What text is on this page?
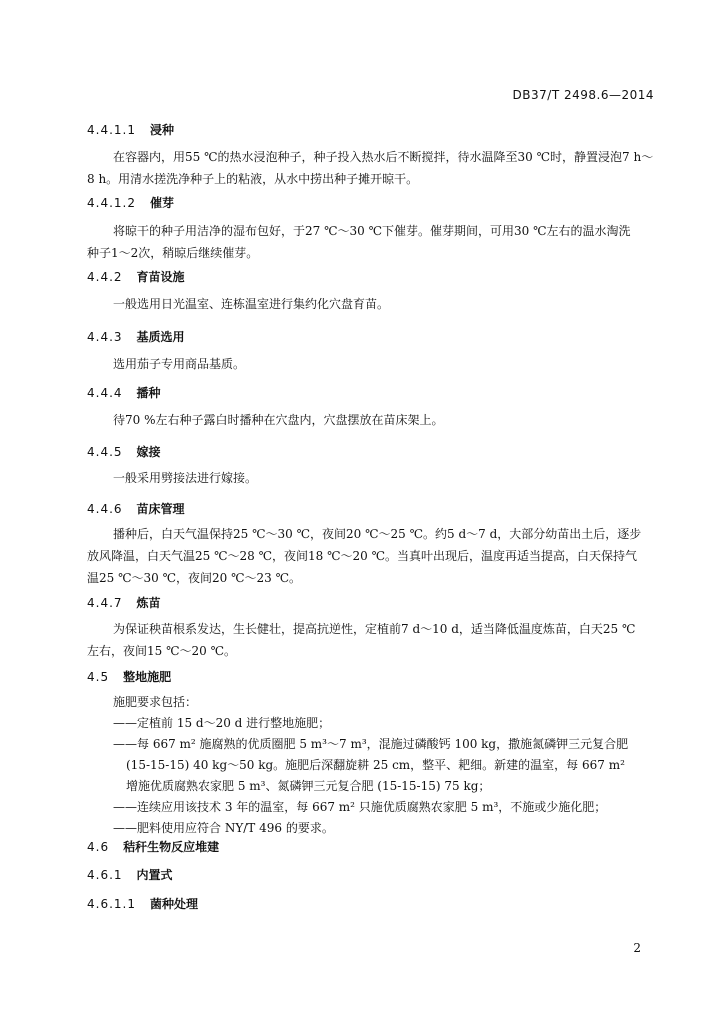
DB37/T 2498.6—2014
4.4.1.1 浸种
在容器内，用55 ℃的热水浸泡种子，种子投入热水后不断搅拌，待水温降至30 ℃时，静置浸泡7 h～
8 h。用清水搓洗净种子上的粘液，从水中捞出种子摊开晾干。
4.4.1.2 催芽
将晾干的种子用洁净的湿布包好，于27 ℃～30 ℃下催芽。催芽期间，可用30 ℃左右的温水淘洗
种子1～2次，稍晾后继续催芽。
4.4.2 育苗设施
一般选用日光温室、连栋温室进行集约化穴盘育苗。
4.4.3 基质选用
选用茄子专用商品基质。
4.4.4 播种
待70 %左右种子露白时播种在穴盘内，穴盘摆放在苗床架上。
4.4.5 嫁接
一般采用劈接法进行嫁接。
4.4.6 苗床管理
播种后，白天气温保持25 ℃～30 ℃，夜间20 ℃～25 ℃。约5 d～7 d，大部分幼苗出土后，逐步
放风降温，白天气温25 ℃～28 ℃，夜间18 ℃～20 ℃。当真叶出现后，温度再适当提高，白天保持气
温25 ℃～30 ℃，夜间20 ℃～23 ℃。
4.4.7 炼苗
为保证秧苗根系发达，生长健壮，提高抗逆性，定植前7 d～10 d，适当降低温度炼苗，白天25 ℃
左右，夜间15 ℃～20 ℃。
4.5 整地施肥
施肥要求包括：
——定植前 15 d～20 d 进行整地施肥；
——每 667 m² 施腐熟的优质圈肥 5 m³～7 m³，混施过磷酸钙 100 kg，撒施氮磷钾三元复合肥
(15-15-15) 40 kg～50 kg。施肥后深翻旋耕 25 cm，整平、耙细。新建的温室，每 667 m²
增施优质腐熟农家肥 5 m³、氮磷钾三元复合肥 (15-15-15) 75 kg；
——连续应用该技术 3 年的温室，每 667 m² 只施优质腐熟农家肥 5 m³，不施或少施化肥；
——肥料使用应符合 NY/T 496 的要求。
4.6 秸秆生物反应堆建
4.6.1 内置式
4.6.1.1 菌种处理
2
